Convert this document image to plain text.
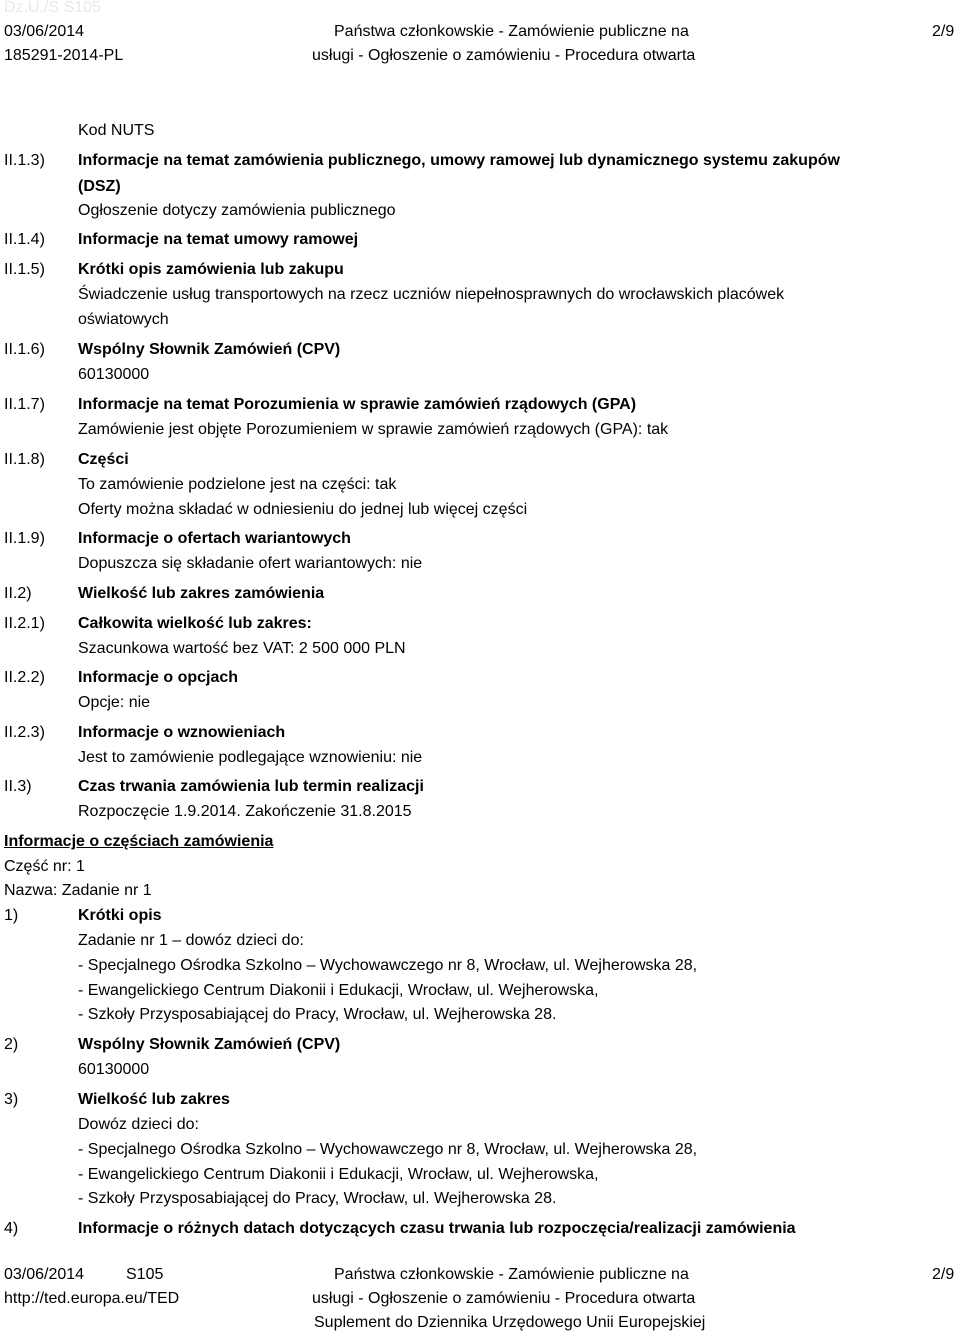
Dz.U./S S105
03/06/2014
185291-2014-PL
Państwa członkowskie - Zamówienie publiczne na
usługi - Ogłoszenie o zamówieniu - Procedura otwarta
2/9
Kod NUTS
II.1.3) Informacje na temat zamówienia publicznego, umowy ramowej lub dynamicznego systemu zakupów
(DSZ)
Ogłoszenie dotyczy zamówienia publicznego
II.1.4) Informacje na temat umowy ramowej
II.1.5) Krótki opis zamówienia lub zakupu
Świadczenie usług transportowych na rzecz uczniów niepełnosprawnych do wrocławskich placówek
oświatowych
II.1.6) Wspólny Słownik Zamówień (CPV)
60130000
II.1.7) Informacje na temat Porozumienia w sprawie zamówień rządowych (GPA)
Zamówienie jest objęte Porozumieniem w sprawie zamówień rządowych (GPA): tak
II.1.8) Części
To zamówienie podzielone jest na części: tak
Oferty można składać w odniesieniu do jednej lub więcej części
II.1.9) Informacje o ofertach wariantowych
Dopuszcza się składanie ofert wariantowych: nie
II.2)	Wielkość lub zakres zamówienia
II.2.1) Całkowita wielkość lub zakres:
Szacunkowa wartość bez VAT: 2 500 000 PLN
II.2.2) Informacje o opcjach
Opcje: nie
II.2.3) Informacje o wznowieniach
Jest to zamówienie podlegające wznowieniu: nie
II.3)	Czas trwania zamówienia lub termin realizacji
Rozpoczęcie 1.9.2014. Zakończenie 31.8.2015
Informacje o częściach zamówienia
Część nr: 1
Nazwa: Zadanie nr 1
1)	Krótki opis
Zadanie nr 1 – dowóz dzieci do:
- Specjalnego Ośrodka Szkolno – Wychowawczego nr 8, Wrocław, ul. Wejherowska 28,
- Ewangelickiego Centrum Diakonii i Edukacji, Wrocław, ul. Wejherowska,
- Szkoły Przysposabiającej do Pracy, Wrocław, ul. Wejherowska 28.
2)	Wspólny Słownik Zamówień (CPV)
60130000
3)	Wielkość lub zakres
Dowóz dzieci do:
- Specjalnego Ośrodka Szkolno – Wychowawczego nr 8, Wrocław, ul. Wejherowska 28,
- Ewangelickiego Centrum Diakonii i Edukacji, Wrocław, ul. Wejherowska,
- Szkoły Przysposabiającej do Pracy, Wrocław, ul. Wejherowska 28.
4)	Informacje o różnych datach dotyczących czasu trwania lub rozpoczęcia/realizacji zamówienia
03/06/2014	S105
http://ted.europa.eu/TED
Państwa członkowskie - Zamówienie publiczne na
usługi - Ogłoszenie o zamówieniu - Procedura otwarta
Suplement do Dziennika Urzędowego Unii Europejskiej
2/9
